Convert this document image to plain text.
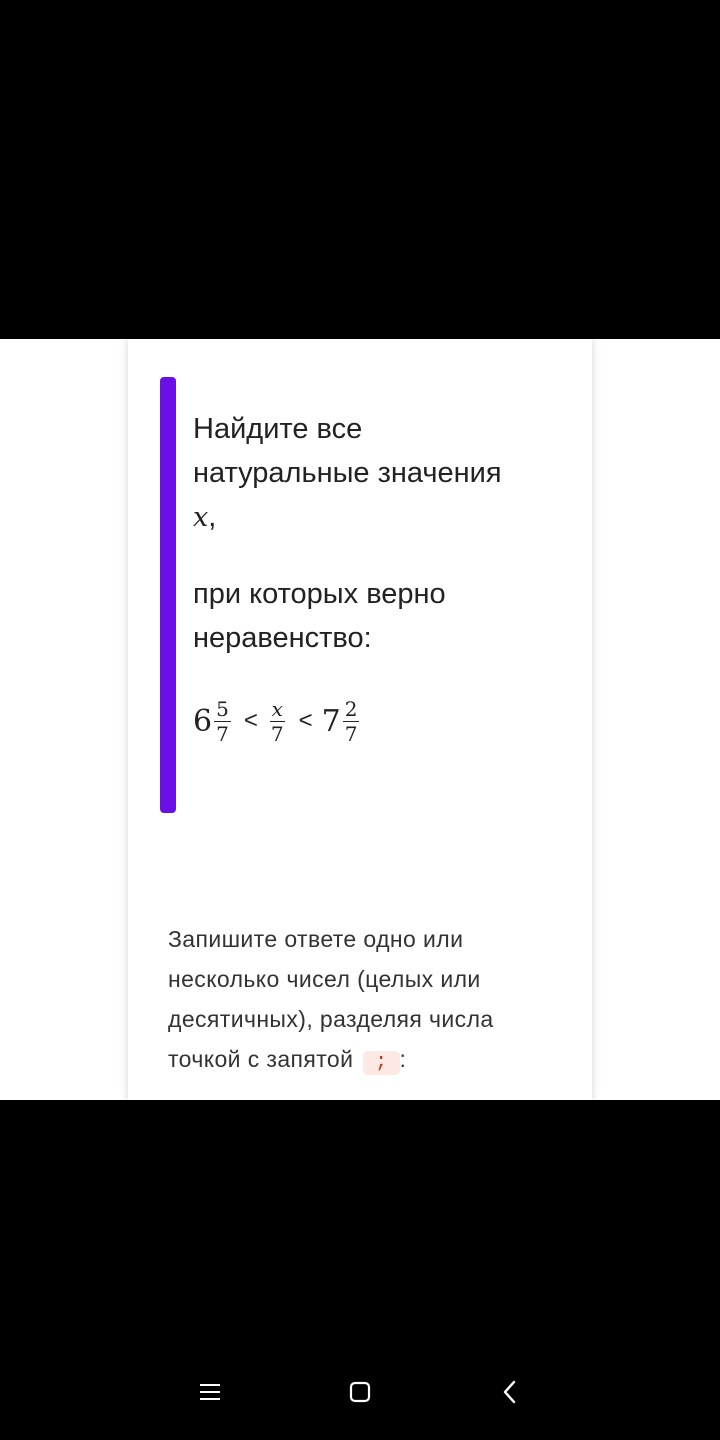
Найдите все натуральные значения x,

при которых верно неравенство:

$6 \frac{5}{7} < \frac{x}{7} < 7 \frac{2}{7}$
Запишите ответе одно или несколько чисел (целых или десятичных), разделяя числа точкой с запятой ; :
